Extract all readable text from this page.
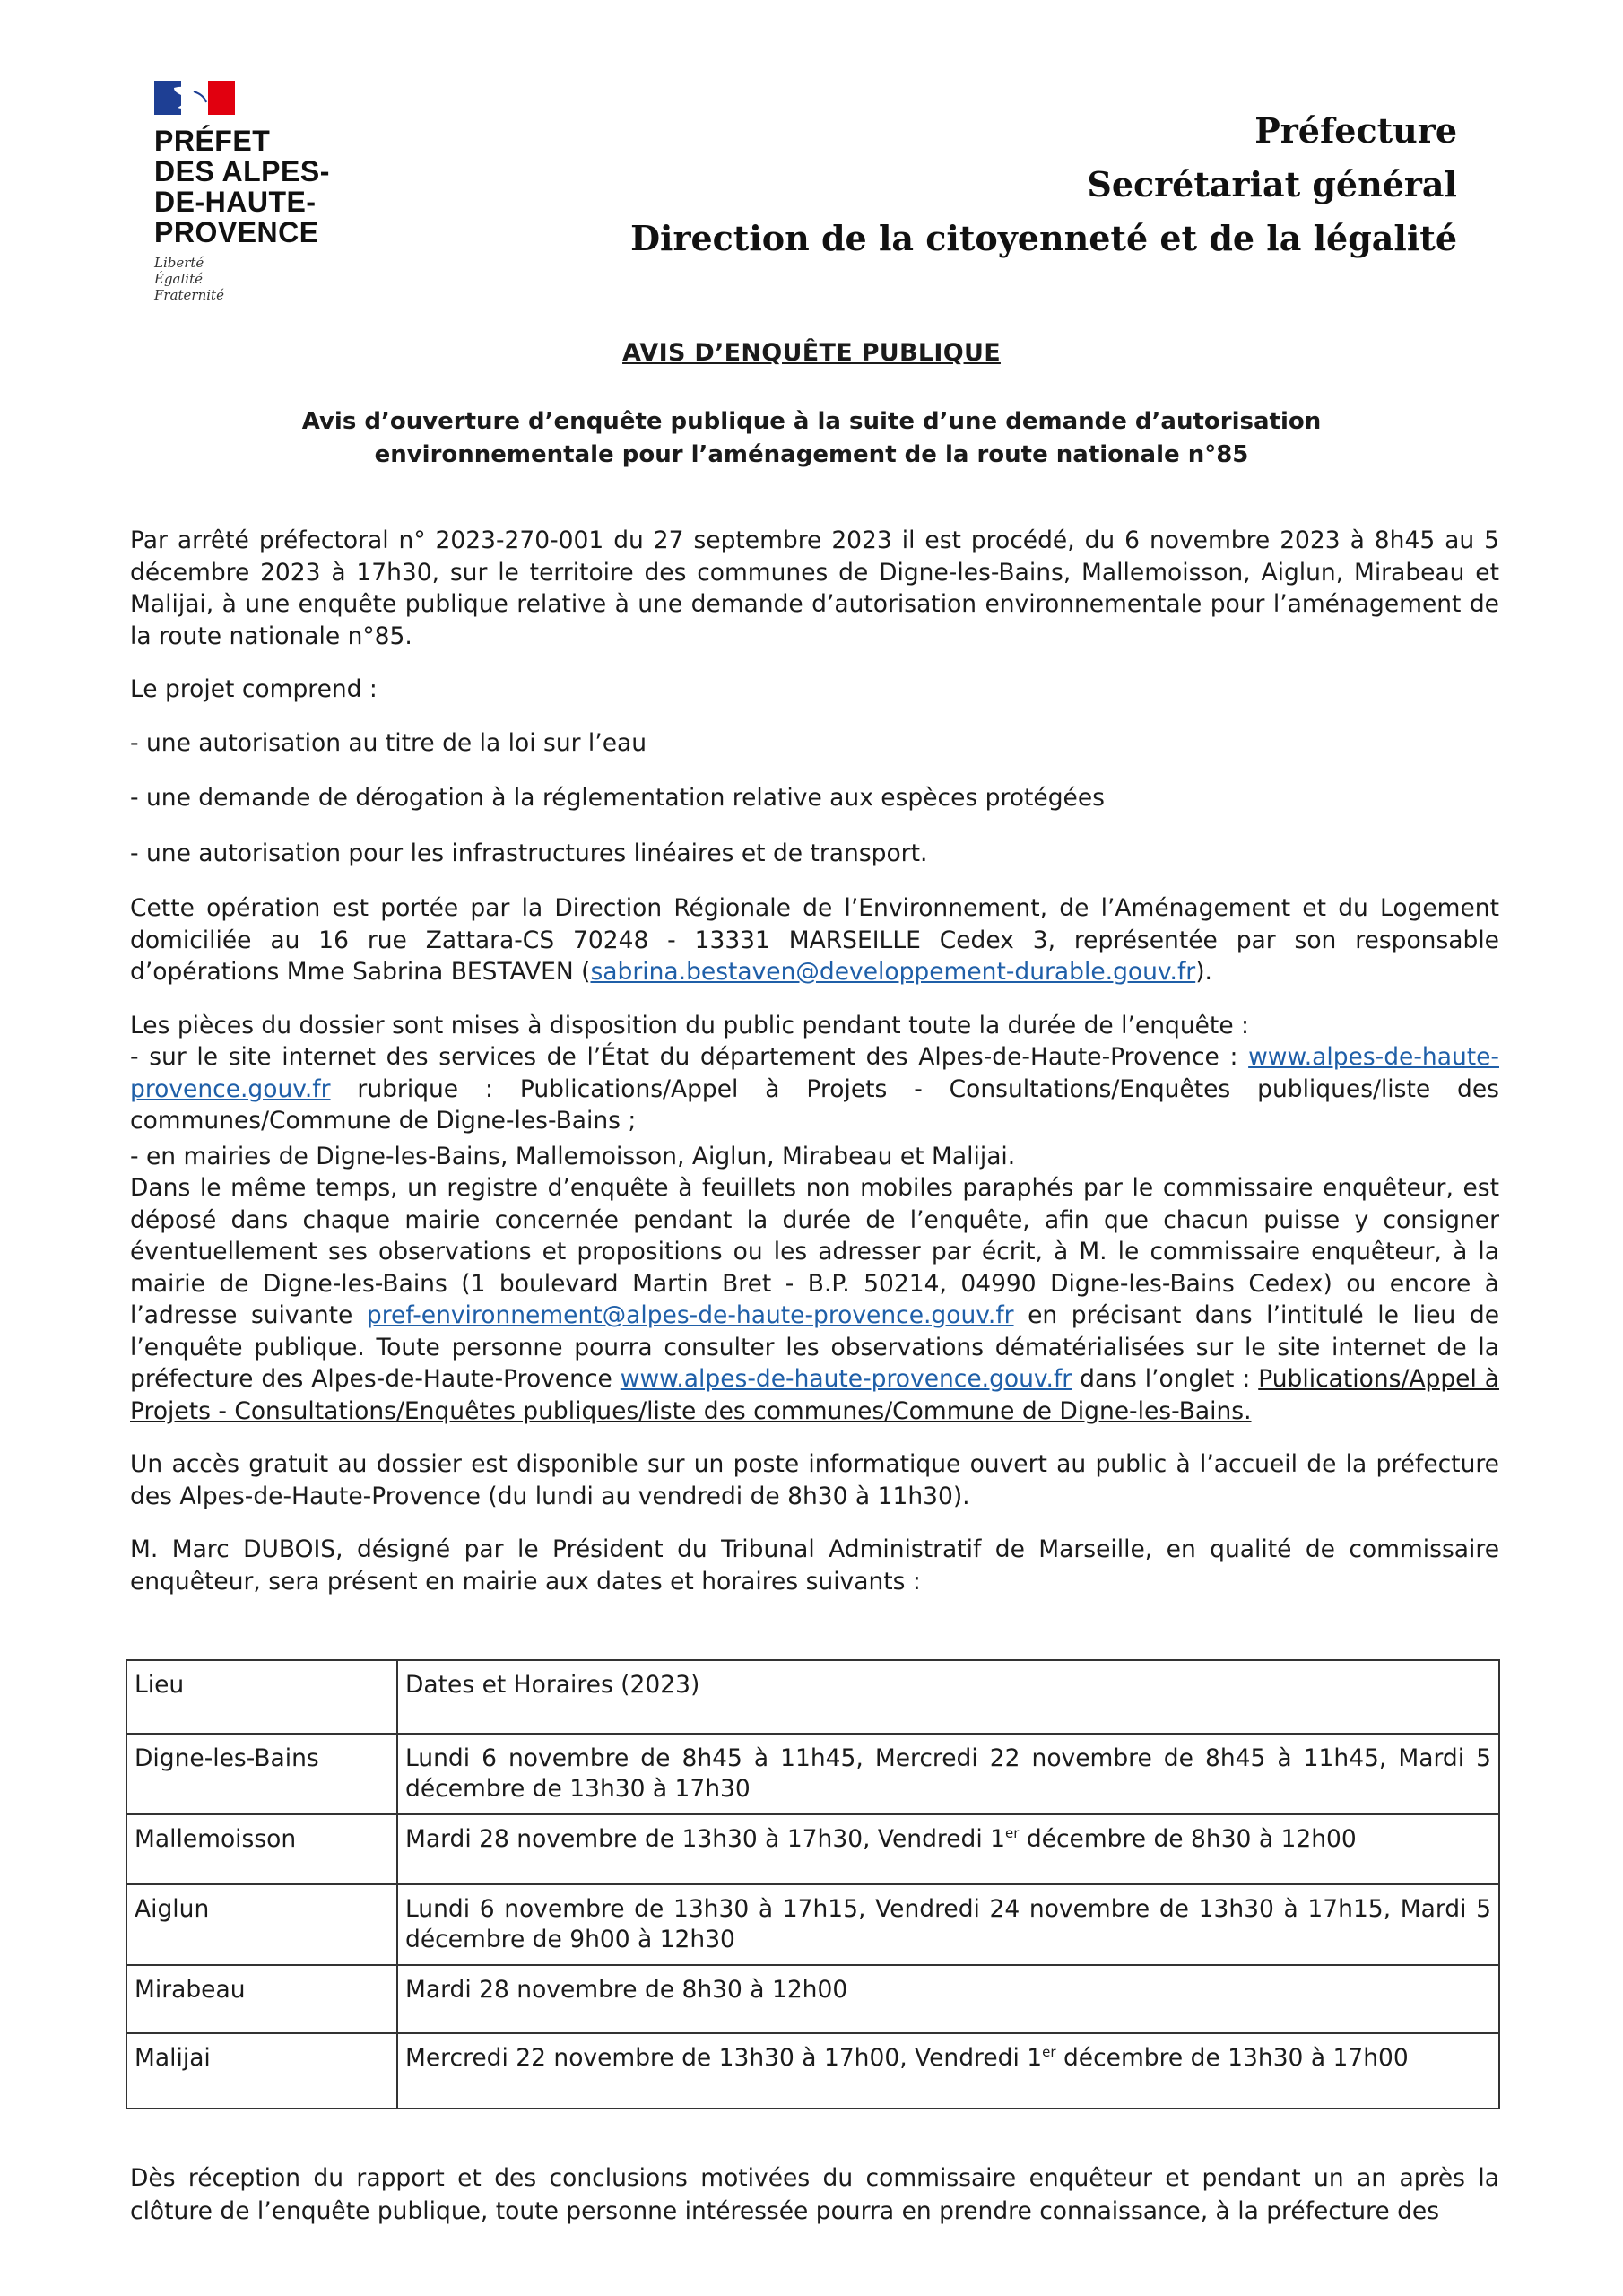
PRÉFET
DES ALPES-
DE-HAUTE-
PROVENCE
Liberté
Égalité
Fraternité
Préfecture
Secrétariat général
Direction de la citoyenneté et de la légalité
AVIS D’ENQUÊTE PUBLIQUE
Avis d’ouverture d’enquête publique à la suite d’une demande d’autorisation environnementale pour l’aménagement de la route nationale n°85

Par arrêté préfectoral n° 2023-270-001 du 27 septembre 2023 il est procédé, du 6 novembre 2023 à 8h45 au 5 décembre 2023 à 17h30, sur le territoire des communes de Digne-les-Bains, Mallemoisson, Aiglun, Mirabeau et Malijai, à une enquête publique relative à une demande d’autorisation environnementale pour l’aménagement de la route nationale n°85.

Le projet comprend :

- une autorisation au titre de la loi sur l’eau
- une demande de dérogation à la réglementation relative aux espèces protégées
- une autorisation pour les infrastructures linéaires et de transport.

Cette opération est portée par la Direction Régionale de l’Environnement, de l’Aménagement et du Logement domiciliée au 16 rue Zattara-CS 70248 - 13331 MARSEILLE Cedex 3, représentée par son responsable d’opérations Mme Sabrina BESTAVEN (sabrina.bestaven@developpement-durable.gouv.fr).

Les pièces du dossier sont mises à disposition du public pendant toute la durée de l’enquête :

- sur le site internet des services de l’État du département des Alpes-de-Haute-Provence : www.alpes-de-haute-provence.gouv.fr rubrique : Publications/Appel à Projets - Consultations/Enquêtes publiques/liste des communes/Commune de Digne-les-Bains ;

- en mairies de Digne-les-Bains, Mallemoisson, Aiglun, Mirabeau et Malijai.

Dans le même temps, un registre d’enquête à feuillets non mobiles paraphés par le commissaire enquêteur, est déposé dans chaque mairie concernée pendant la durée de l’enquête, afin que chacun puisse y consigner éventuellement ses observations et propositions ou les adresser par écrit, à M. le commissaire enquêteur, à la mairie de Digne-les-Bains (1 boulevard Martin Bret - B.P. 50214, 04990 Digne-les-Bains Cedex) ou encore à l’adresse suivante pref-environnement@alpes-de-haute-provence.gouv.fr en précisant dans l’intitulé le lieu de l’enquête publique. Toute personne pourra consulter les observations dématérialisées sur le site internet de la préfecture des Alpes-de-Haute-Provence www.alpes-de-haute-provence.gouv.fr dans l’onglet : Publications/Appel à Projets - Consultations/Enquêtes publiques/liste des communes/Commune de Digne-les-Bains.

Un accès gratuit au dossier est disponible sur un poste informatique ouvert au public à l’accueil de la préfecture des Alpes-de-Haute-Provence (du lundi au vendredi de 8h30 à 11h30).

M. Marc DUBOIS, désigné par le Président du Tribunal Administratif de Marseille, en qualité de commissaire enquêteur, sera présent en mairie aux dates et horaires suivants :

Lieu	Dates et Horaires (2023)
Digne-les-Bains	Lundi 6 novembre de 8h45 à 11h45, Mercredi 22 novembre de 8h45 à 11h45, Mardi 5 décembre de 13h30 à 17h30
Mallemoisson	Mardi 28 novembre de 13h30 à 17h30, Vendredi 1er décembre de 8h30 à 12h00
Aiglun	Lundi 6 novembre de 13h30 à 17h15, Vendredi 24 novembre de 13h30 à 17h15, Mardi 5 décembre de 9h00 à 12h30
Mirabeau	Mardi 28 novembre de 8h30 à 12h00
Malijai	Mercredi 22 novembre de 13h30 à 17h00, Vendredi 1er décembre de 13h30 à 17h00
Dès réception du rapport et des conclusions motivées du commissaire enquêteur et pendant un an après la clôture de l’enquête publique, toute personne intéressée pourra en prendre connaissance, à la préfecture des
